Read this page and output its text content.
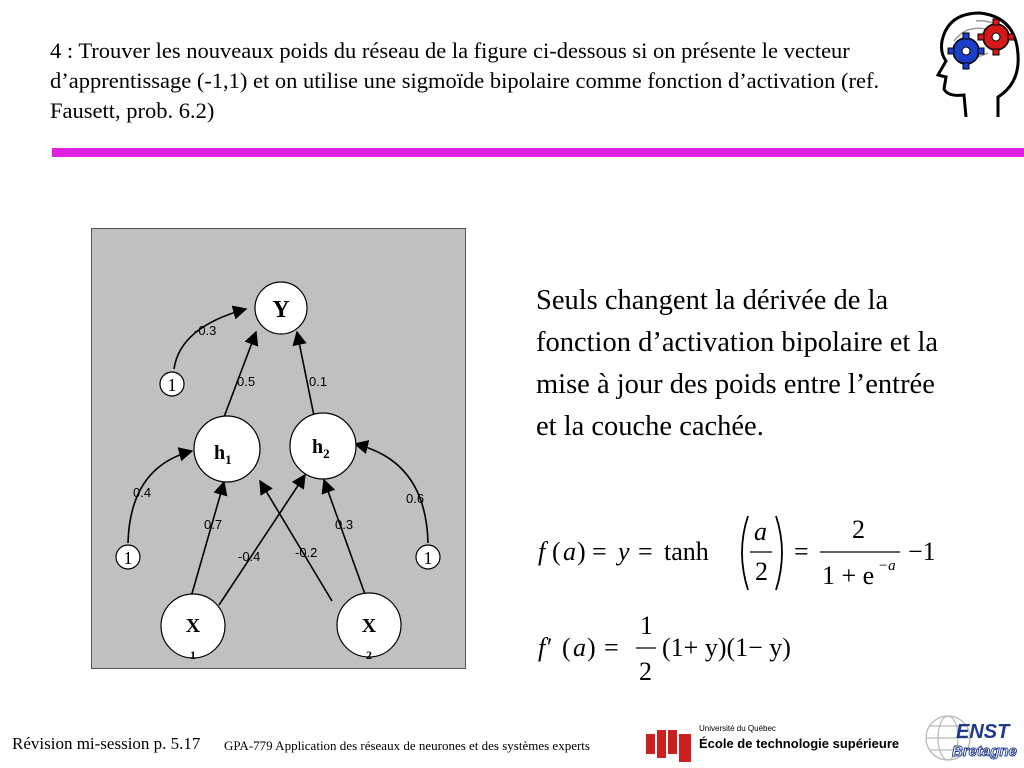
4 : Trouver les nouveaux poids du réseau de la figure ci-dessous si on présente le vecteur d’apprentissage (-1,1) et on utilise une sigmoïde bipolaire comme fonction d’activation (ref. Fausett, prob. 6.2)
Y
$h_1$
$h_2$
X
1
X
2
1
1	1
-0.3
0.5	0.1
0.4	0.6
0.7	0.3
-0.4	-0.2
Seuls changent la dérivée de la fonction d’activation bipolaire et la mise à jour des poids entre l’entrée et la couche cachée.
f ( a ) = y = tanh
a
2
=
2
1 + e −a −1
f′ ( a ) =
1
2
(1+ y)(1− y)
Révision mi-session p. 5.17 GPA-779 Application des réseaux de neurones et des systèmes experts
Université du Québec
École de technologie supérieure
ENST
Bretagne
